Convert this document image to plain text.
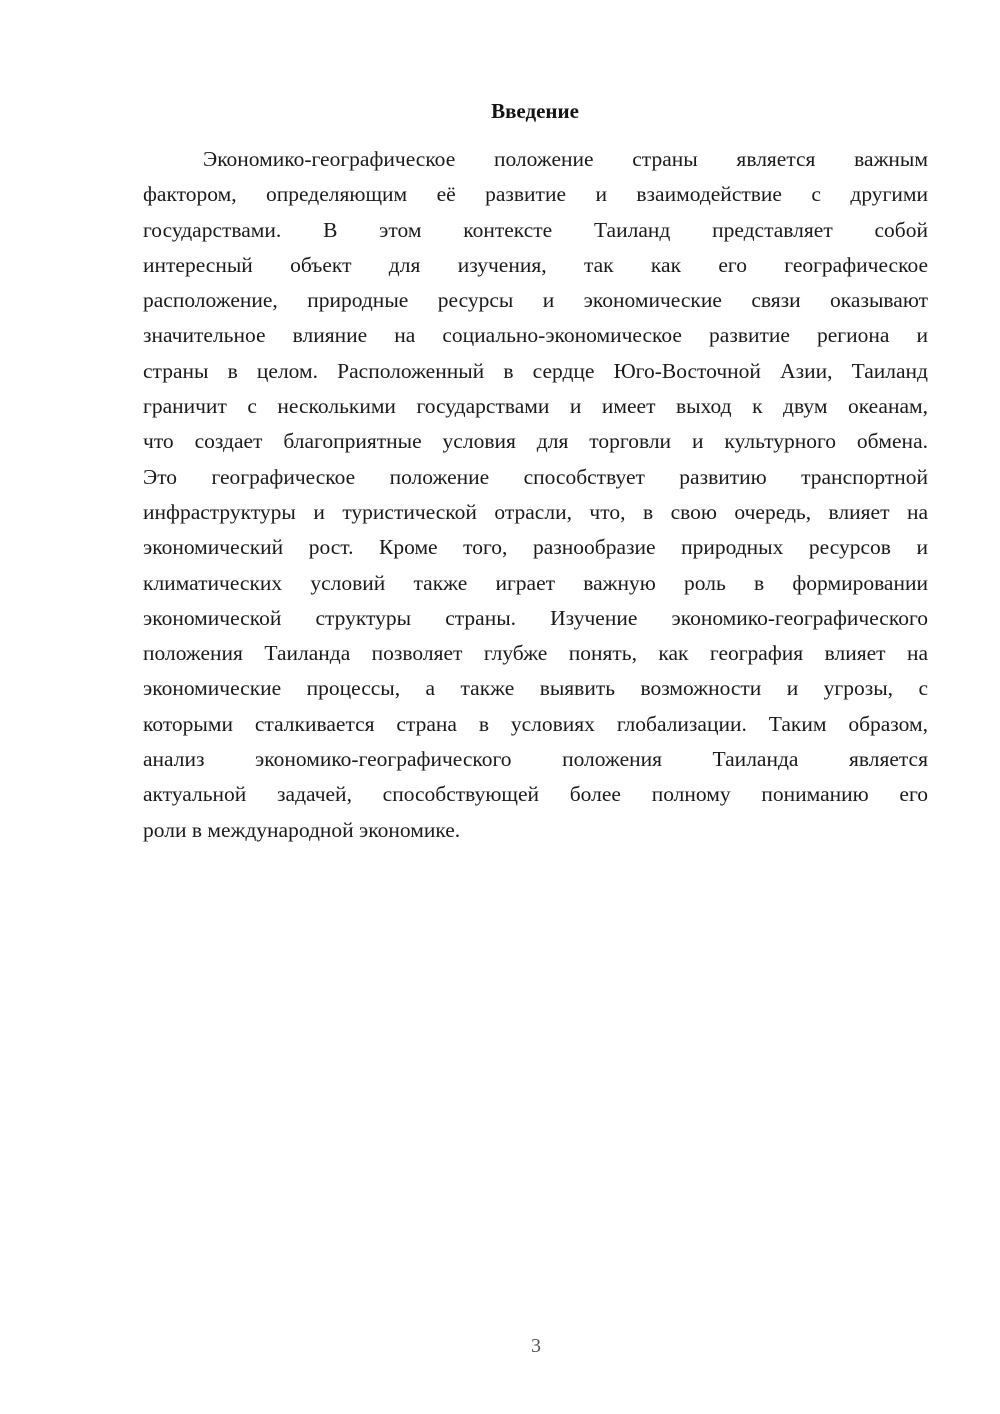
Введение
Экономико-географическое положение страны является важным
фактором, определяющим её развитие и взаимодействие с другими
государствами. В этом контексте Таиланд представляет собой
интересный объект для изучения, так как его географическое
расположение, природные ресурсы и экономические связи оказывают
значительное влияние на социально-экономическое развитие региона и
страны в целом. Расположенный в сердце Юго-Восточной Азии, Таиланд
граничит с несколькими государствами и имеет выход к двум океанам,
что создает благоприятные условия для торговли и культурного обмена.
Это географическое положение способствует развитию транспортной
инфраструктуры и туристической отрасли, что, в свою очередь, влияет на
экономический рост. Кроме того, разнообразие природных ресурсов и
климатических условий также играет важную роль в формировании
экономической структуры страны. Изучение экономико-географического
положения Таиланда позволяет глубже понять, как география влияет на
экономические процессы, а также выявить возможности и угрозы, с
которыми сталкивается страна в условиях глобализации. Таким образом,
анализ экономико-географического положения Таиланда является
актуальной задачей, способствующей более полному пониманию его
роли в международной экономике.
3
